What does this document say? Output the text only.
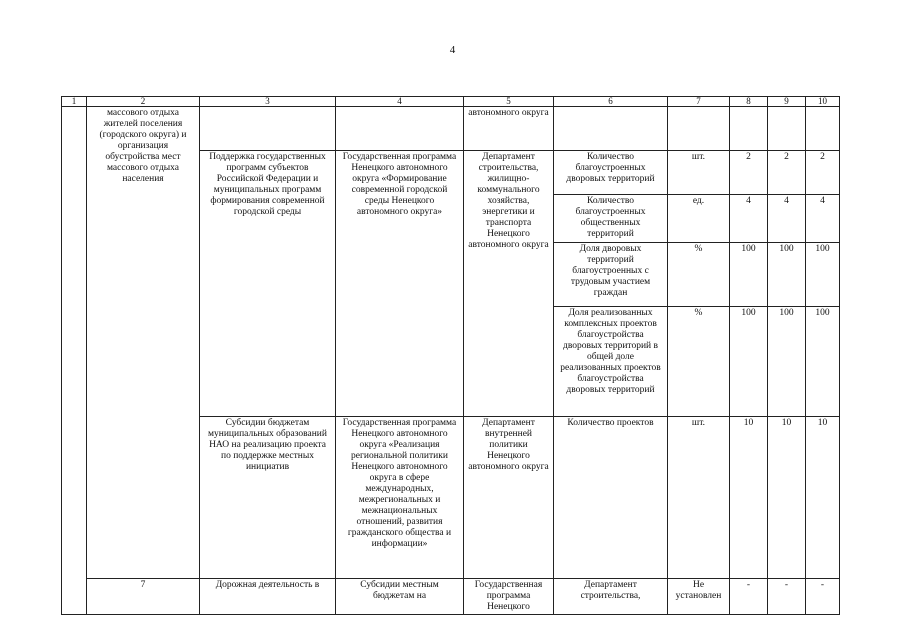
4
1	2	3	4	5	6	7	8	9	10	
	массового отдыха жителей поселения (городского округа) и организация обустройства мест массового отдыха населения			автономного округа						
		Поддержка государственных программ субъектов Российской Федерации и муниципальных программ формирования современной городской среды	Государственная программа Ненецкого автономного округа «Формирование современной городской среды Ненецкого автономного округа»	Департамент строительства, жилищно-коммунального хозяйства, энергетики и транспорта Ненецкого автономного округа	Количество благоустроенных дворовых территорий	шт.	2	2	2	
					Количество благоустроенных общественных территорий	ед.	4	4	4	
					Доля дворовых территорий благоустроенных с трудовым участием граждан	%	100	100	100	
					Доля реализованных комплексных проектов благоустройства дворовых территорий в общей доле реализованных проектов благоустройства дворовых территорий	%	100	100	100	
		Субсидии бюджетам муниципальных образований НАО на реализацию проекта по поддержке местных инициатив	Государственная программа Ненецкого автономного округа «Реализация региональной политики Ненецкого автономного округа в сфере международных, межрегиональных и межнациональных отношений, развития гражданского общества и информации»	Департамент внутренней политики Ненецкого автономного округа	Количество проектов	шт.	10	10	10	
	7	Дорожная деятельность в	Субсидии местным бюджетам на	Государственная программа Ненецкого	Департамент строительства,	Не установлен	-	-	-	
